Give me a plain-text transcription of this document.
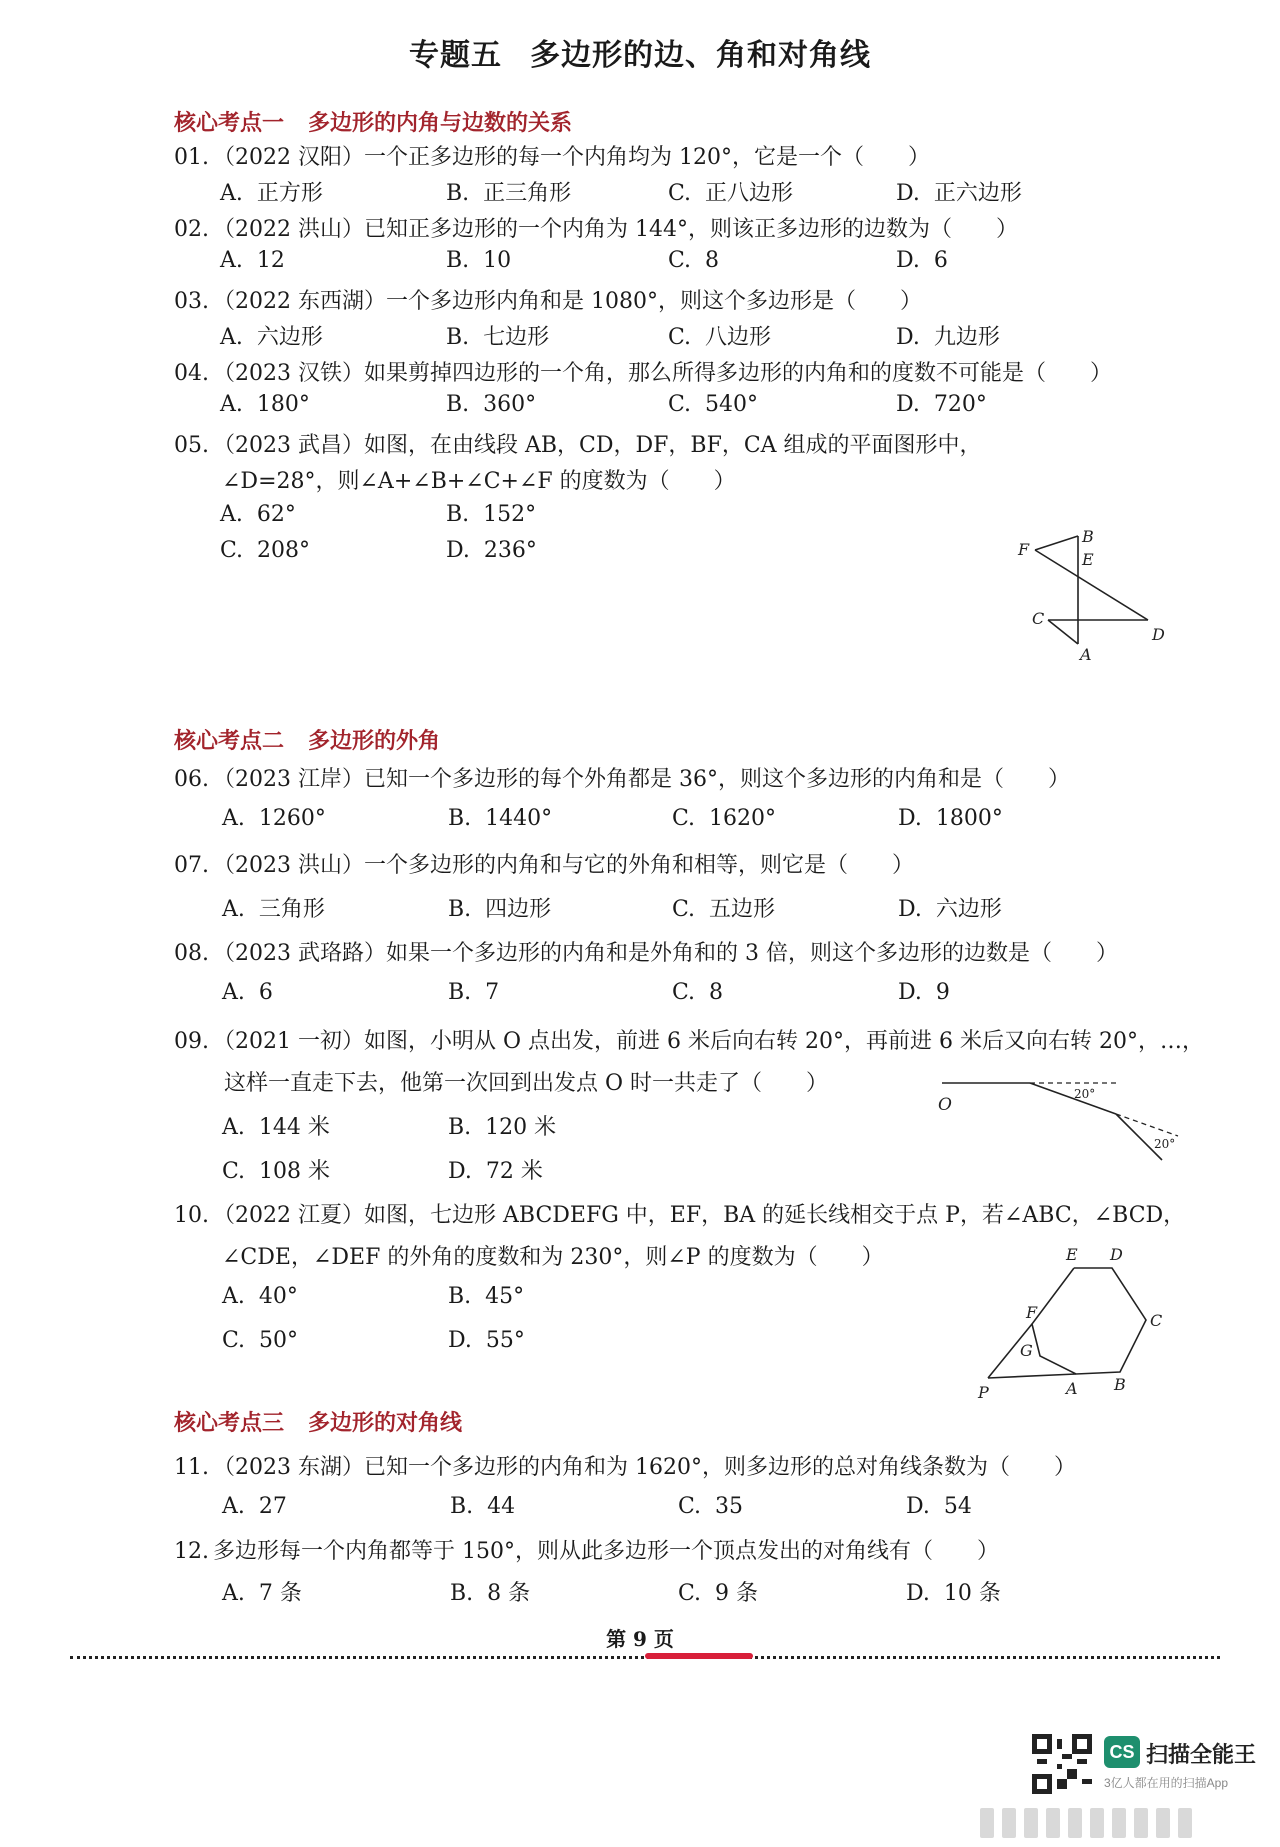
专题五 多边形的边、角和对角线
核心考点一 多边形的内角与边数的关系
01. （2022 汉阳）一个正多边形的每一个内角均为 120°，它是一个（　　）
A. 正方形	B. 正三角形	C. 正八边形	D. 正六边形
02. （2022 洪山）已知正多边形的一个内角为 144°，则该正多边形的边数为（　　）
A. 12	B. 10	C. 8	D. 6
03. （2022 东西湖）一个多边形内角和是 1080°，则这个多边形是（　　）
A. 六边形	B. 七边形	C. 八边形	D. 九边形
04. （2023 汉铁）如果剪掉四边形的一个角，那么所得多边形的内角和的度数不可能是（　　）
A. 180°	B. 360°	C. 540°	D. 720°
05. （2023 武昌）如图，在由线段 AB，CD，DF，BF，CA 组成的平面图形中，
∠D=28°，则∠A+∠B+∠C+∠F 的度数为（　　）
A. 62°	B. 152°
C. 208°	D. 236°	F
B
E
C
A
D
核心考点二 多边形的外角
06. （2023 江岸）已知一个多边形的每个外角都是 36°，则这个多边形的内角和是（　　）
A. 1260°	B. 1440°	C. 1620°	D. 1800°
07. （2023 洪山）一个多边形的内角和与它的外角和相等，则它是（　　）
A. 三角形	B. 四边形	C. 五边形	D. 六边形
08. （2023 武珞路）如果一个多边形的内角和是外角和的 3 倍，则这个多边形的边数是（　　）
A. 6	B. 7	C. 8	D. 9
09. （2021 一初）如图，小明从 O 点出发，前进 6 米后向右转 20°，再前进 6 米后又向右转 20°，…，
这样一直走下去，他第一次回到出发点 O 时一共走了（　　）
A. 144 米	B. 120 米
C. 108 米	D. 72 米
O
20°
20°
10. （2022 江夏）如图，七边形 ABCDEFG 中，EF，BA 的延长线相交于点 P，若∠ABC，∠BCD，
∠CDE，∠DEF 的外角的度数和为 230°，则∠P 的度数为（　　）
A. 40°	B. 45°
C. 50°	D. 55°
E D
F	C
G
P	A B
核心考点三 多边形的对角线
11. （2023 东湖）已知一个多边形的内角和为 1620°，则多边形的总对角线条数为（　　）
A. 27	B. 44	C. 35	D. 54
12. 多边形每一个内角都等于 150°，则从此多边形一个顶点发出的对角线有（　　）
A. 7 条	B. 8 条	C. 9 条	D. 10 条
第 9 页
CS 扫描全能王
3亿人都在用的扫描App
